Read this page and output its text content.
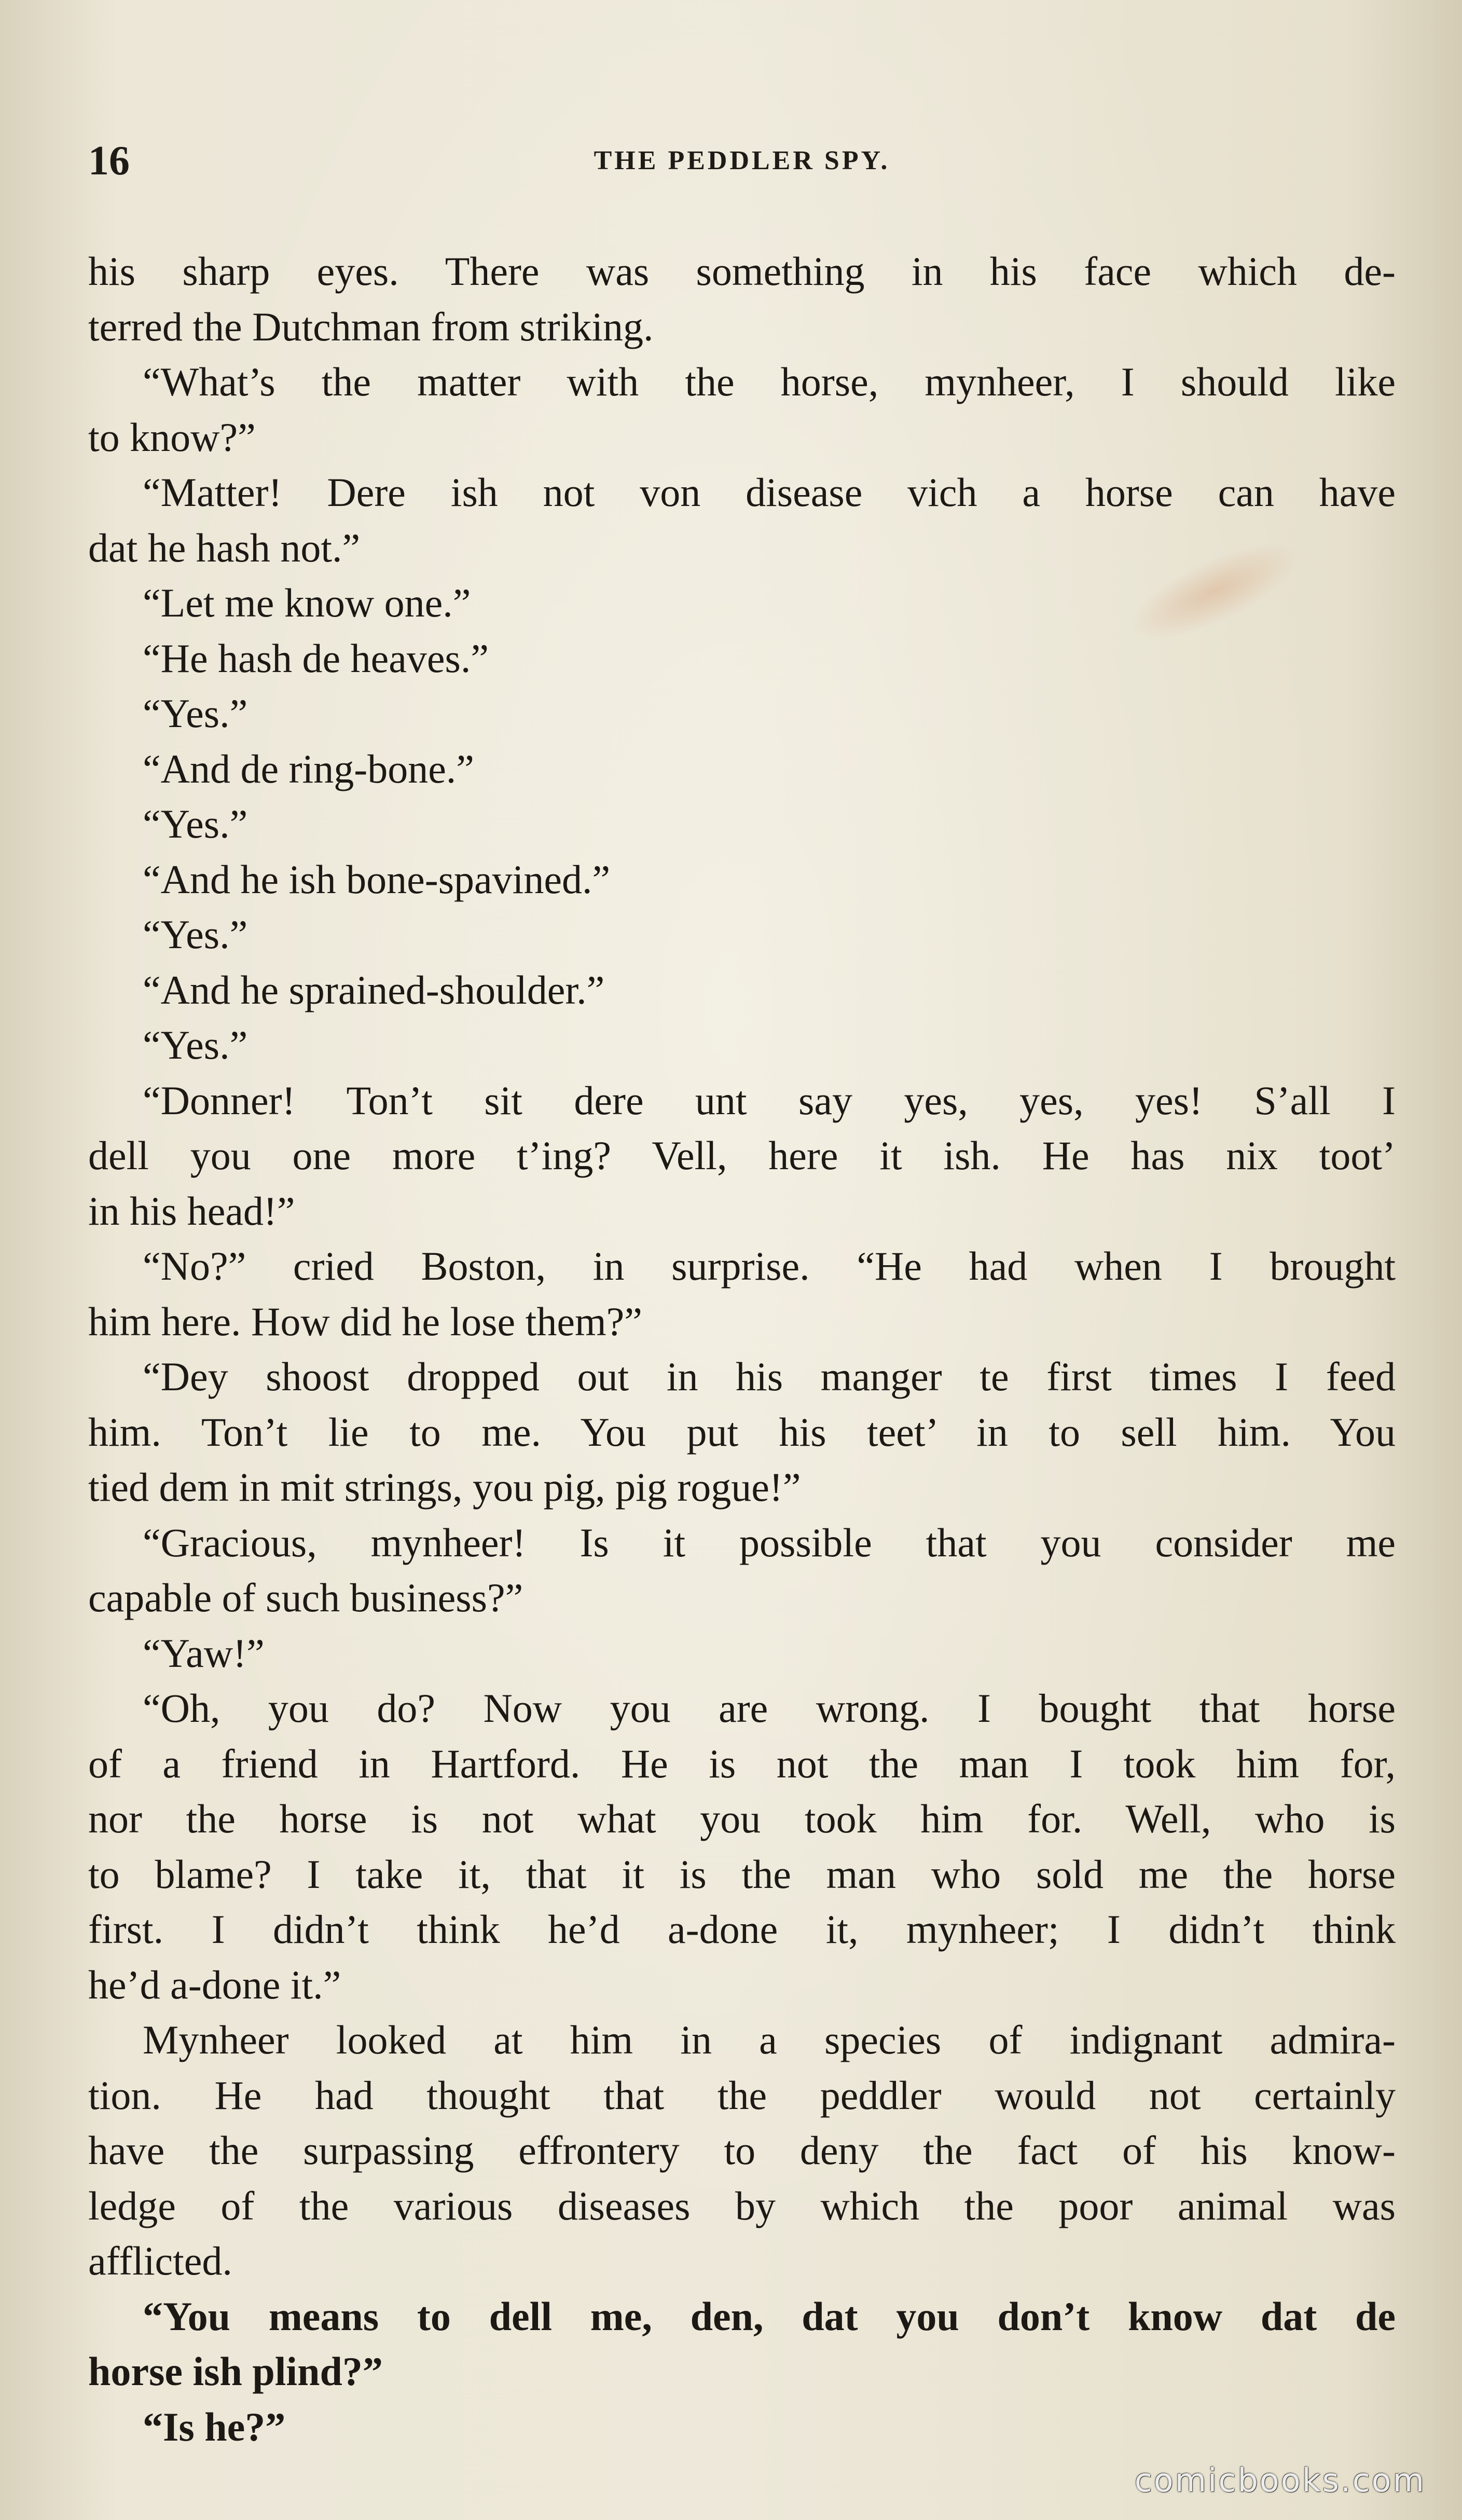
16	THE PEDDLER SPY.
his sharp eyes. There was something in his face which de-
terred the Dutchman from striking.
“What’s the matter with the horse, mynheer, I should like
to know?”
“Matter! Dere ish not von disease vich a horse can have
dat he hash not.”
“Let me know one.”
“He hash de heaves.”
“Yes.”
“And de ring-bone.”
“Yes.”
“And he ish bone-spavined.”
“Yes.”
“And he sprained-shoulder.”
“Yes.”
“Donner! Ton’t sit dere unt say yes, yes, yes! S’all I
dell you one more t’ing? Vell, here it ish. He has nix toot’
in his head!”
“No?” cried Boston, in surprise. “He had when I brought
him here. How did he lose them?”
“Dey shoost dropped out in his manger te first times I feed
him. Ton’t lie to me. You put his teet’ in to sell him. You
tied dem in mit strings, you pig, pig rogue!”
“Gracious, mynheer! Is it possible that you consider me
capable of such business?”
“Yaw!”
“Oh, you do? Now you are wrong. I bought that horse
of a friend in Hartford. He is not the man I took him for,
nor the horse is not what you took him for. Well, who is
to blame? I take it, that it is the man who sold me the horse
first. I didn’t think he’d a-done it, mynheer; I didn’t think
he’d a-done it.”
Mynheer looked at him in a species of indignant admira-
tion. He had thought that the peddler would not certainly
have the surpassing effrontery to deny the fact of his know-
ledge of the various diseases by which the poor animal was
afflicted.
“You means to dell me, den, dat you don’t know dat de
horse ish plind?”
“Is he?”
comicbooks.com
